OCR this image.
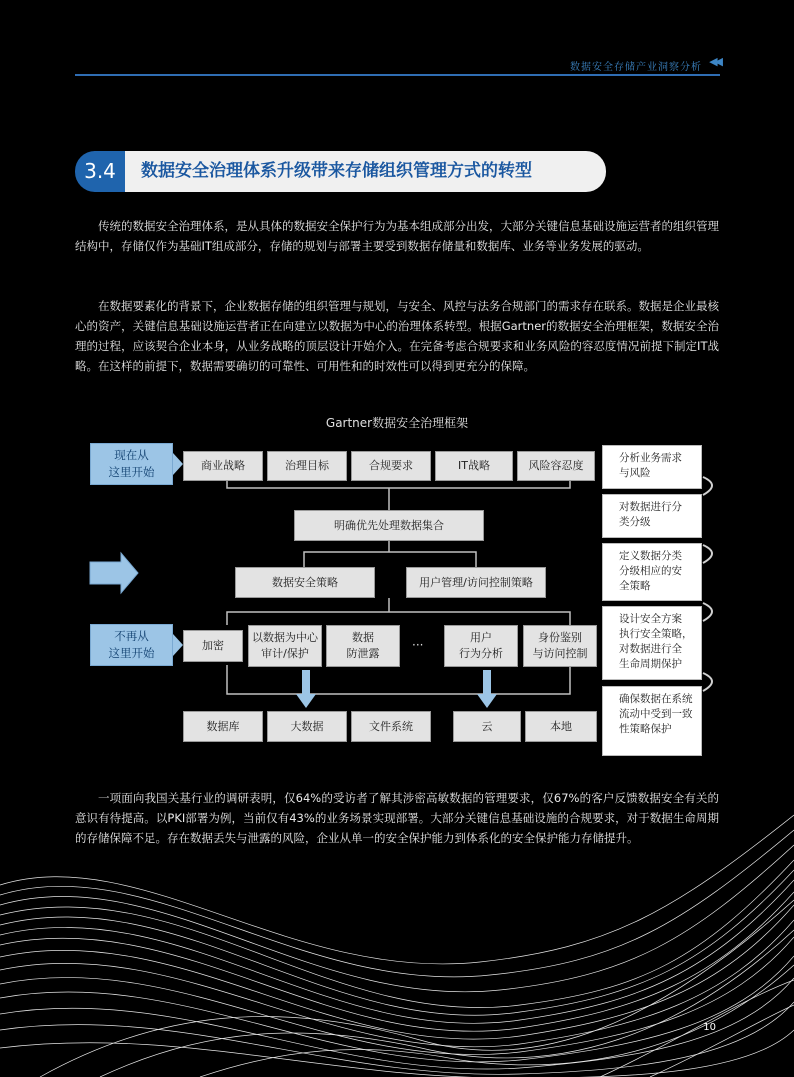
数据安全存储产业洞察分析 ◀◀
3.4	数据安全治理体系升级带来存储组织管理方式的转型
传统的数据安全治理体系，是从具体的数据安全保护行为为基本组成部分出发，大部分关键信息基础设施运营者的组织管理结构中，存储仅作为基础IT组成部分，存储的规划与部署主要受到数据存储量和数据库、业务等业务发展的驱动。
在数据要素化的背景下，企业数据存储的组织管理与规划，与安全、风控与法务合规部门的需求存在联系。数据是企业最核心的资产，关键信息基础设施运营者正在向建立以数据为中心的治理体系转型。根据Gartner的数据安全治理框架，数据安全治理的过程，应该契合企业本身，从业务战略的顶层设计开始介入。在完备考虑合规要求和业务风险的容忍度情况前提下制定IT战略。在这样的前提下，数据需要确切的可靠性、可用性和的时效性可以得到更充分的保障。
Gartner数据安全治理框架
现在从
这里开始
不再从
这里开始
商业战略	治理目标	合规要求	IT战略	风险容忍度
明确优先处理数据集合
数据安全策略	用户管理/访问控制策略
加密
以数据为中心
审计/保护
数据
防泄露
···
用户
行为分析
身份鉴别
与访问控制
数据库	大数据	文件系统	云	本地
分析业务需求
与风险
对数据进行分
类分级
定义数据分类
分级相应的安
全策略
设计安全方案
执行安全策略，
对数据进行全
生命周期保护
确保数据在系统
流动中受到一致
性策略保护
一项面向我国关基行业的调研表明，仅64%的受访者了解其涉密高敏数据的管理要求，仅67%的客户反馈数据安全有关的意识有待提高。以PKI部署为例，当前仅有43%的业务场景实现部署。大部分关键信息基础设施的合规要求，对于数据生命周期的存储保障不足。存在数据丢失与泄露的风险，企业从单一的安全保护能力到体系化的安全保护能力存储提升。
10
